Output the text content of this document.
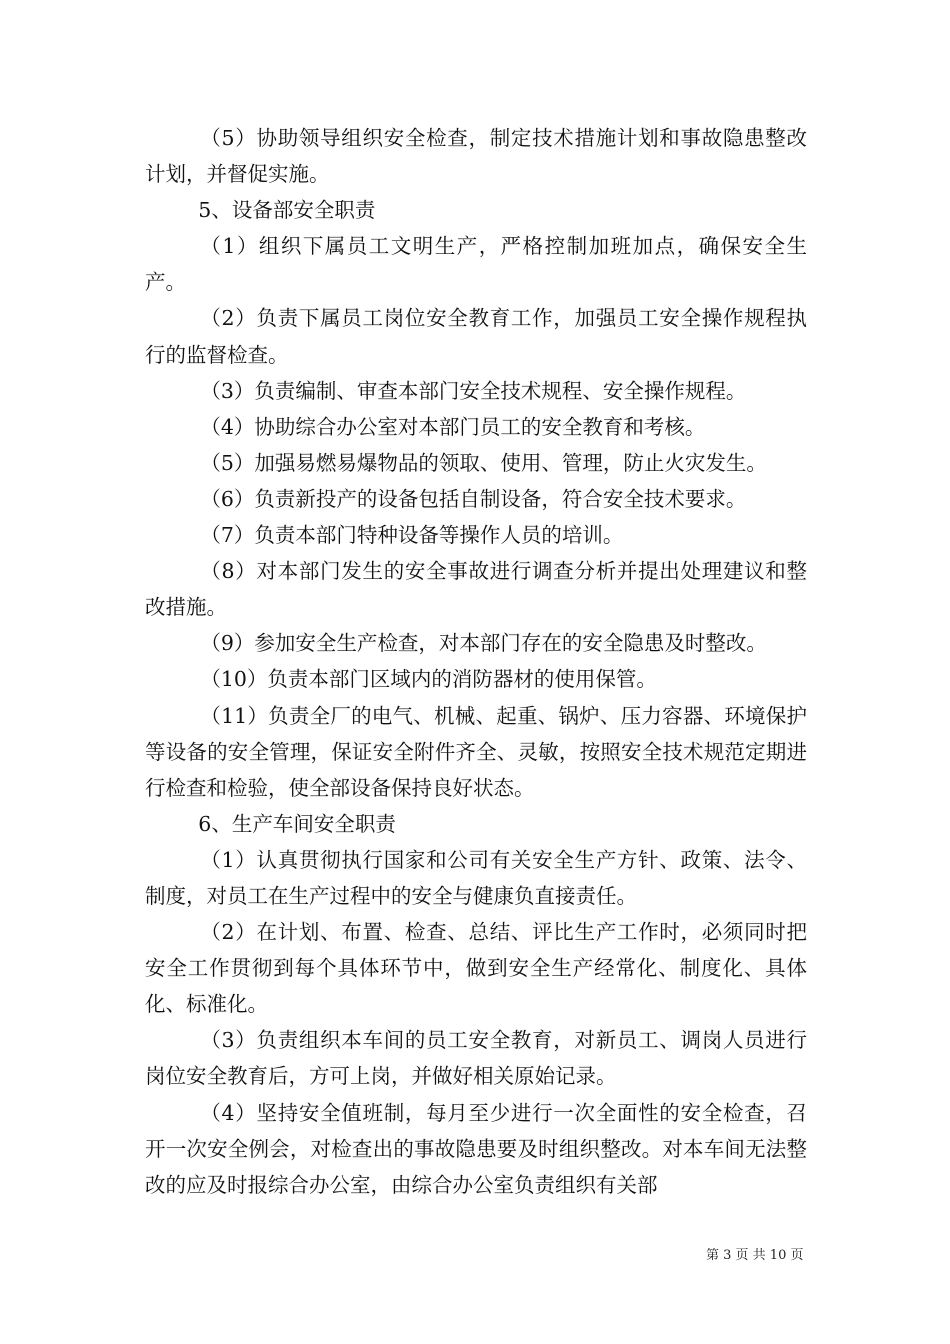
（5）协助领导组织安全检查，制定技术措施计划和事故隐患整改计划，并督促实施。

5、设备部安全职责

（1）组织下属员工文明生产，严格控制加班加点，确保安全生产。

（2）负责下属员工岗位安全教育工作，加强员工安全操作规程执行的监督检查。

（3）负责编制、审查本部门安全技术规程、安全操作规程。

（4）协助综合办公室对本部门员工的安全教育和考核。

（5）加强易燃易爆物品的领取、使用、管理，防止火灾发生。

（6）负责新投产的设备包括自制设备，符合安全技术要求。

（7）负责本部门特种设备等操作人员的培训。

（8）对本部门发生的安全事故进行调查分析并提出处理建议和整改措施。

（9）参加安全生产检查，对本部门存在的安全隐患及时整改。

（10）负责本部门区域内的消防器材的使用保管。

（11）负责全厂的电气、机械、起重、锅炉、压力容器、环境保护等设备的安全管理，保证安全附件齐全、灵敏，按照安全技术规范定期进行检查和检验，使全部设备保持良好状态。

6、生产车间安全职责

（1）认真贯彻执行国家和公司有关安全生产方针、政策、法令、制度，对员工在生产过程中的安全与健康负直接责任。

（2）在计划、布置、检查、总结、评比生产工作时，必须同时把安全工作贯彻到每个具体环节中，做到安全生产经常化、制度化、具体化、标准化。

（3）负责组织本车间的员工安全教育，对新员工、调岗人员进行岗位安全教育后，方可上岗，并做好相关原始记录。

（4）坚持安全值班制，每月至少进行一次全面性的安全检查，召开一次安全例会，对检查出的事故隐患要及时组织整改。对本车间无法整改的应及时报综合办公室，由综合办公室负责组织有关部

第 3 页 共 10 页
